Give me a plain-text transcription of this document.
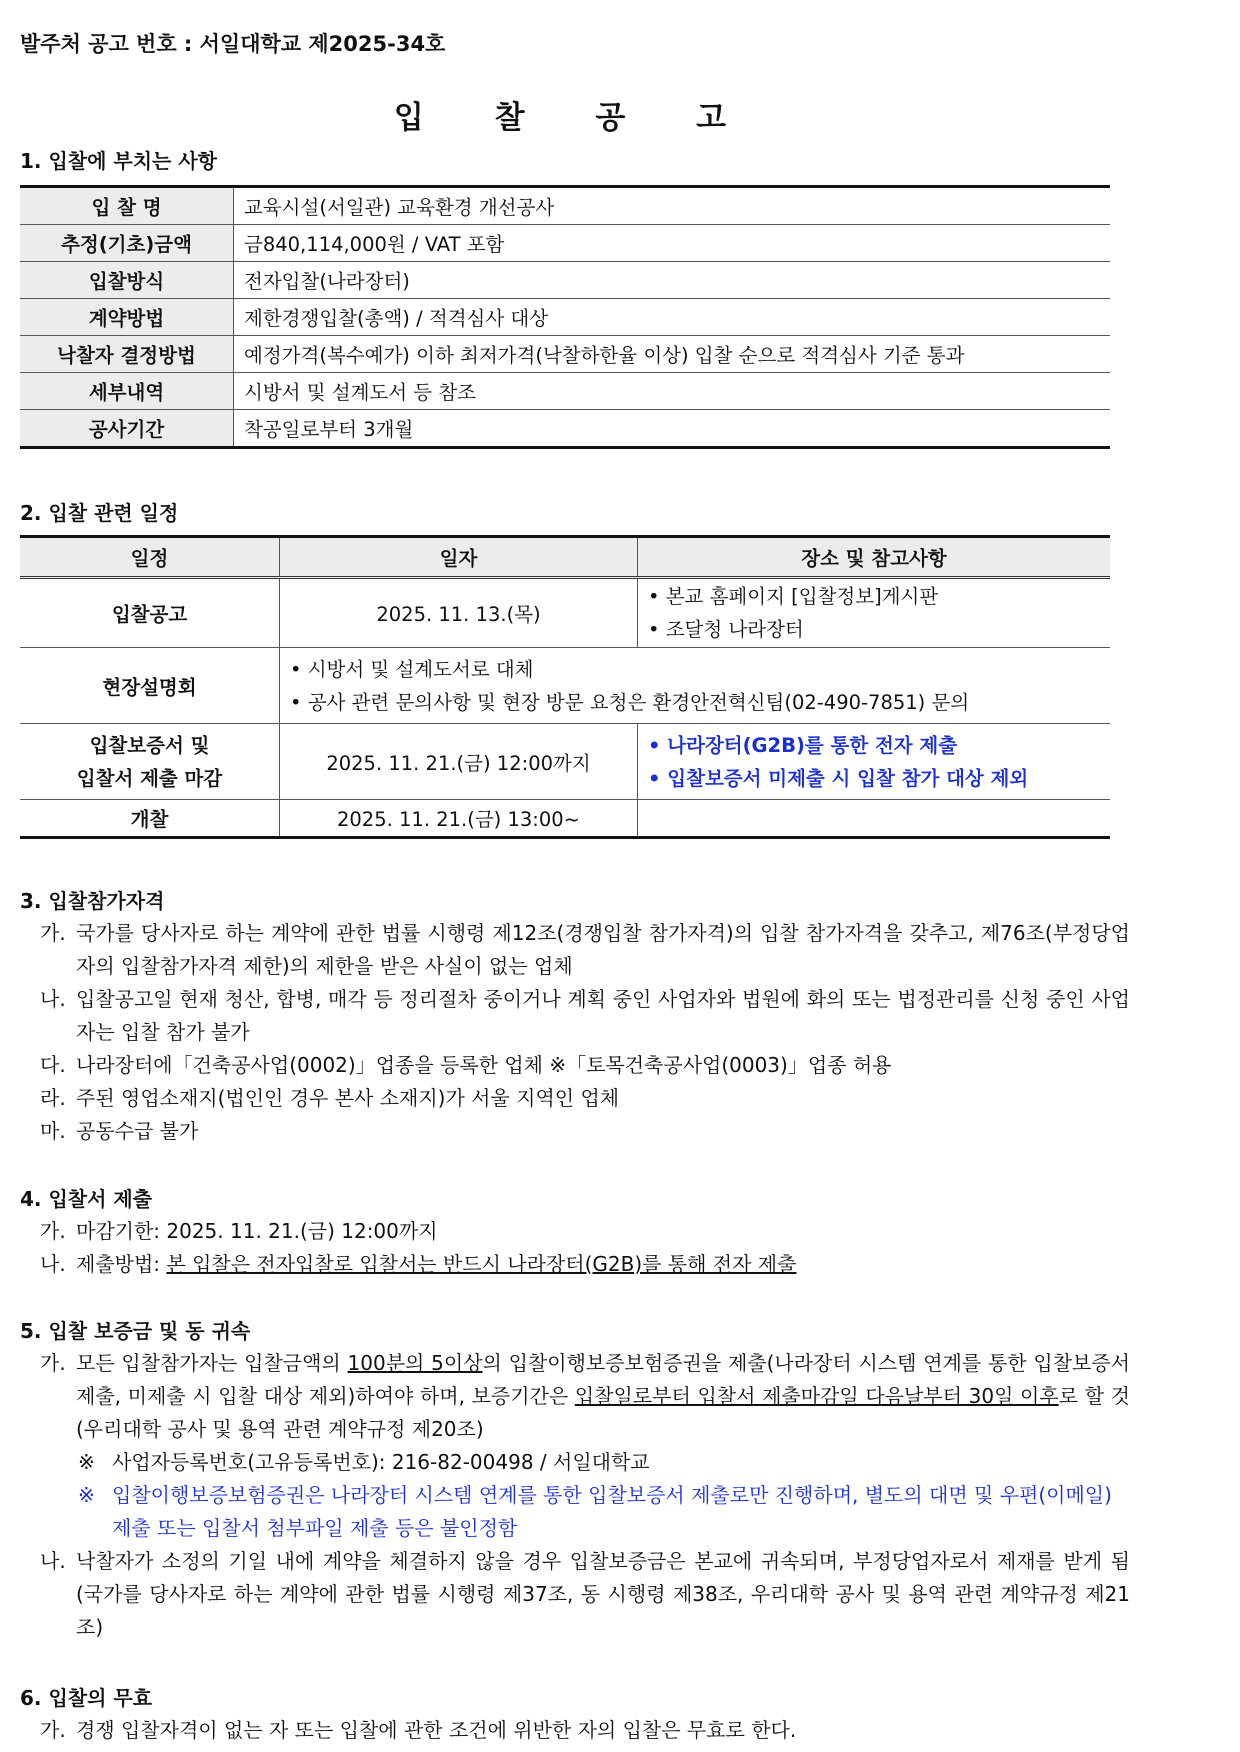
발주처 공고 번호 : 서일대학교 제2025-34호
입 찰 공 고
1. 입찰에 부치는 사항
입 찰 명	교육시설(서일관) 교육환경 개선공사
추정(기초)금액	금840,114,000원 / VAT 포함
입찰방식	전자입찰(나라장터)
계약방법	제한경쟁입찰(총액) / 적격심사 대상
낙찰자 결정방법	예정가격(복수예가) 이하 최저가격(낙찰하한율 이상) 입찰 순으로 적격심사 기준 통과
세부내역	시방서 및 설계도서 등 참조
공사기간	착공일로부터 3개월
2. 입찰 관련 일정
일정	일자	장소 및 참고사항
입찰공고	2025. 11. 13.(목)	• 본교 홈페이지 [입찰정보]게시판
• 조달청 나라장터

현장설명회	• 시방서 및 설계도서로 대체
• 공사 관련 문의사항 및 현장 방문 요청은 환경안전혁신팀(02-490-7851) 문의	

입찰보증서 및
입찰서 제출 마감	2025. 11. 21.(금) 12:00까지	• 나라장터(G2B)를 통한 전자 제출
• 입찰보증서 미제출 시 입찰 참가 대상 제외

개찰	2025. 11. 21.(금) 13:00~	
3. 입찰참가자격
가. 국가를 당사자로 하는 계약에 관한 법률 시행령 제12조(경쟁입찰 참가자격)의 입찰 참가자격을 갖추고, 제76조(부정당업자의 입찰참가자격 제한)의 제한을 받은 사실이 없는 업체
나. 입찰공고일 현재 청산, 합병, 매각 등 정리절차 중이거나 계획 중인 사업자와 법원에 화의 또는 법정관리를 신청 중인 사업자는 입찰 참가 불가
다. 나라장터에「건축공사업(0002)」업종을 등록한 업체 ※「토목건축공사업(0003)」업종 허용
라. 주된 영업소재지(법인인 경우 본사 소재지)가 서울 지역인 업체
마. 공동수급 불가
4. 입찰서 제출
가. 마감기한: 2025. 11. 21.(금) 12:00까지
나. 제출방법: 본 입찰은 전자입찰로 입찰서는 반드시 나라장터(G2B)를 통해 전자 제출
5. 입찰 보증금 및 동 귀속
가. 모든 입찰참가자는 입찰금액의 100분의 5이상의 입찰이행보증보험증권을 제출(나라장터 시스템 연계를 통한 입찰보증서 제출, 미제출 시 입찰 대상 제외)하여야 하며, 보증기간은 입찰일로부터 입찰서 제출마감일 다음날부터 30일 이후로 할 것(우리대학 공사 및 용역 관련 계약규정 제20조)
※ 사업자등록번호(고유등록번호): 216-82-00498 / 서일대학교
※ 입찰이행보증보험증권은 나라장터 시스템 연계를 통한 입찰보증서 제출로만 진행하며, 별도의 대면 및 우편(이메일) 제출 또는 입찰서 첨부파일 제출 등은 불인정함
나. 낙찰자가 소정의 기일 내에 계약을 체결하지 않을 경우 입찰보증금은 본교에 귀속되며, 부정당업자로서 제재를 받게 됨 (국가를 당사자로 하는 계약에 관한 법률 시행령 제37조, 동 시행령 제38조, 우리대학 공사 및 용역 관련 계약규정 제21조)
6. 입찰의 무효
가. 경쟁 입찰자격이 없는 자 또는 입찰에 관한 조건에 위반한 자의 입찰은 무효로 한다.
